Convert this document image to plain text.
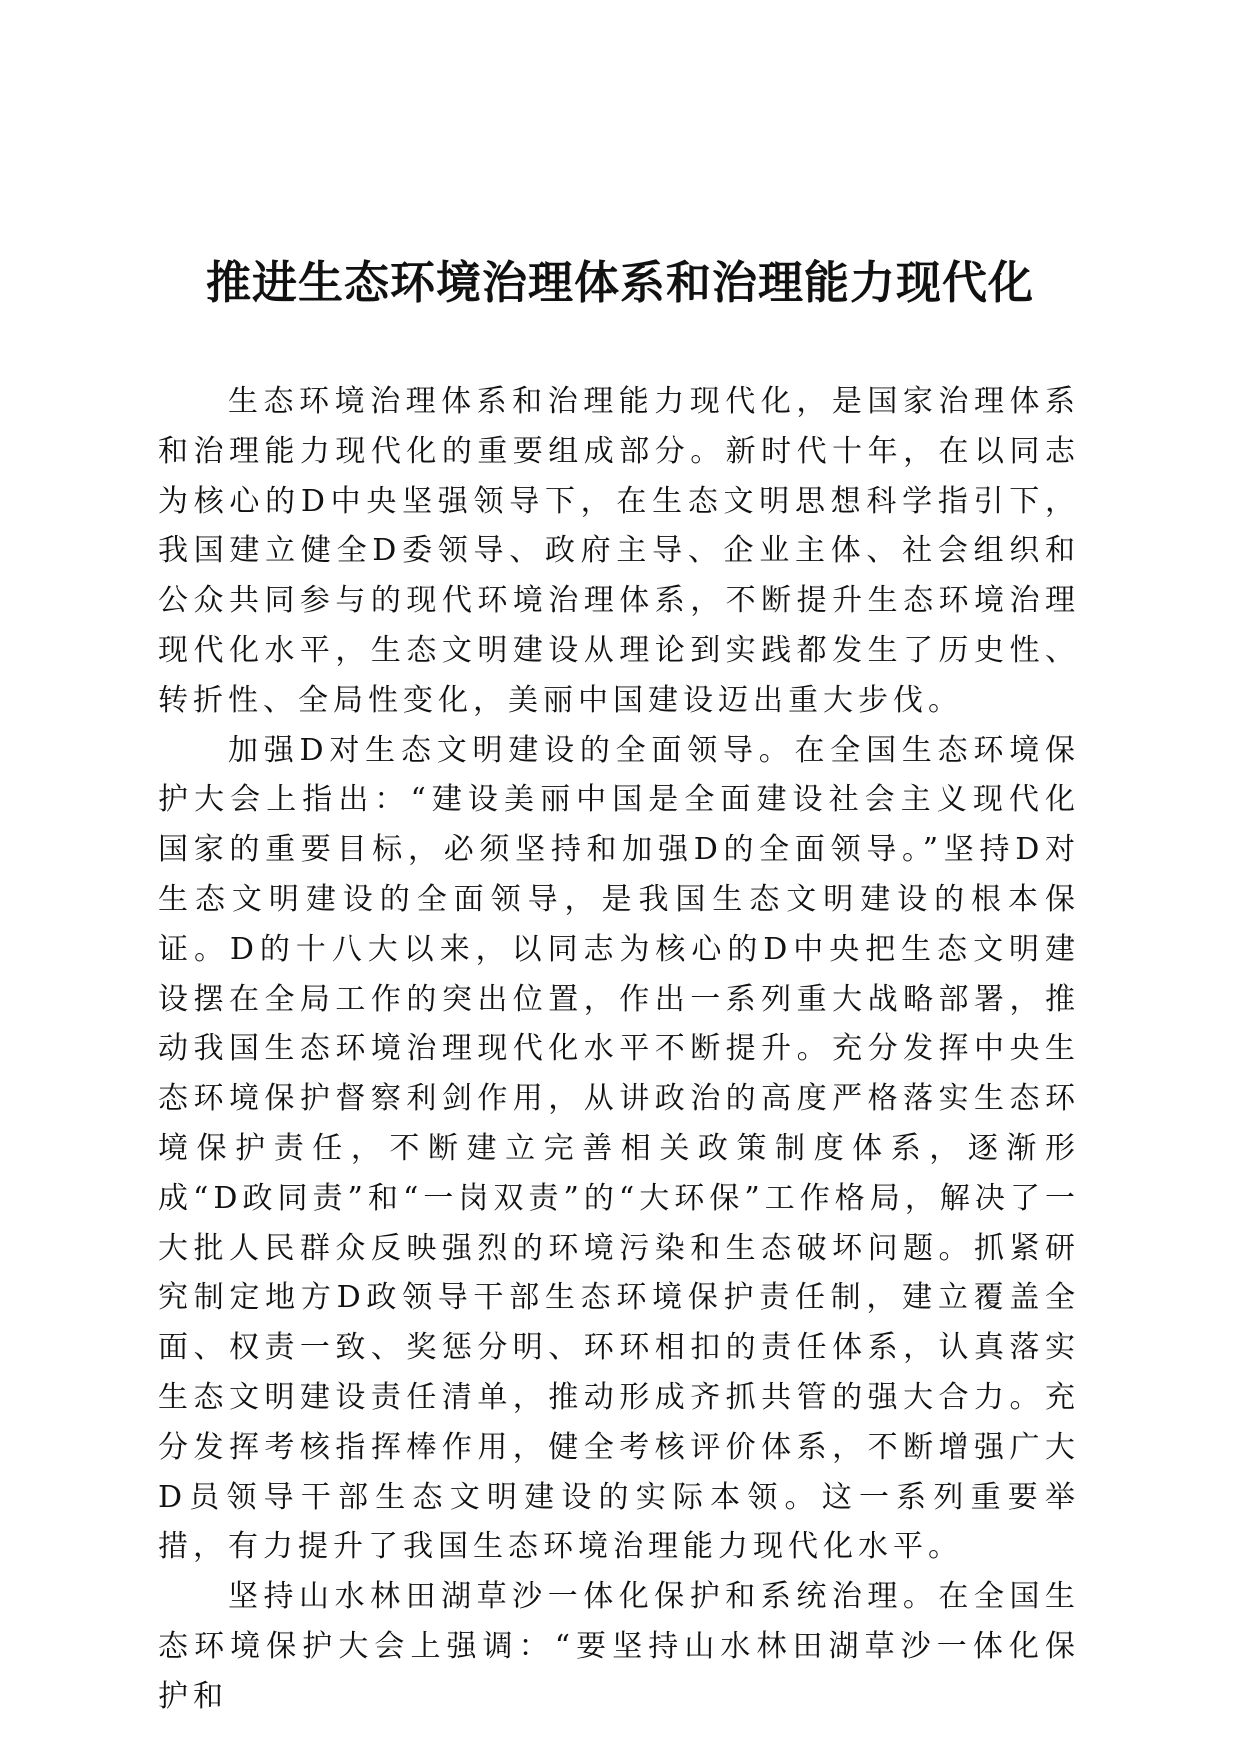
推进生态环境治理体系和治理能力现代化

生态环境治理体系和治理能力现代化，是国家治理体系和治理能力现代化的重要组成部分。新时代十年，在以同志为核心的D中央坚强领导下，在生态文明思想科学指引下，我国建立健全D委领导、政府主导、企业主体、社会组织和公众共同参与的现代环境治理体系，不断提升生态环境治理现代化水平，生态文明建设从理论到实践都发生了历史性、转折性、全局性变化，美丽中国建设迈出重大步伐。

加强D对生态文明建设的全面领导。在全国生态环境保护大会上指出：“建设美丽中国是全面建设社会主义现代化国家的重要目标，必须坚持和加强D的全面领导。”坚持D对生态文明建设的全面领导，是我国生态文明建设的根本保证。D的十八大以来，以同志为核心的D中央把生态文明建设摆在全局工作的突出位置，作出一系列重大战略部署，推动我国生态环境治理现代化水平不断提升。充分发挥中央生态环境保护督察利剑作用，从讲政治的高度严格落实生态环境保护责任，不断建立完善相关政策制度体系，逐渐形成“D政同责”和“一岗双责”的“大环保”工作格局，解决了一大批人民群众反映强烈的环境污染和生态破坏问题。抓紧研究制定地方D政领导干部生态环境保护责任制，建立覆盖全面、权责一致、奖惩分明、环环相扣的责任体系，认真落实生态文明建设责任清单，推动形成齐抓共管的强大合力。充分发挥考核指挥棒作用，健全考核评价体系，不断增强广大D员领导干部生态文明建设的实际本领。这一系列重要举措，有力提升了我国生态环境治理能力现代化水平。

坚持山水林田湖草沙一体化保护和系统治理。在全国生态环境保护大会上强调：“要坚持山水林田湖草沙一体化保护和
